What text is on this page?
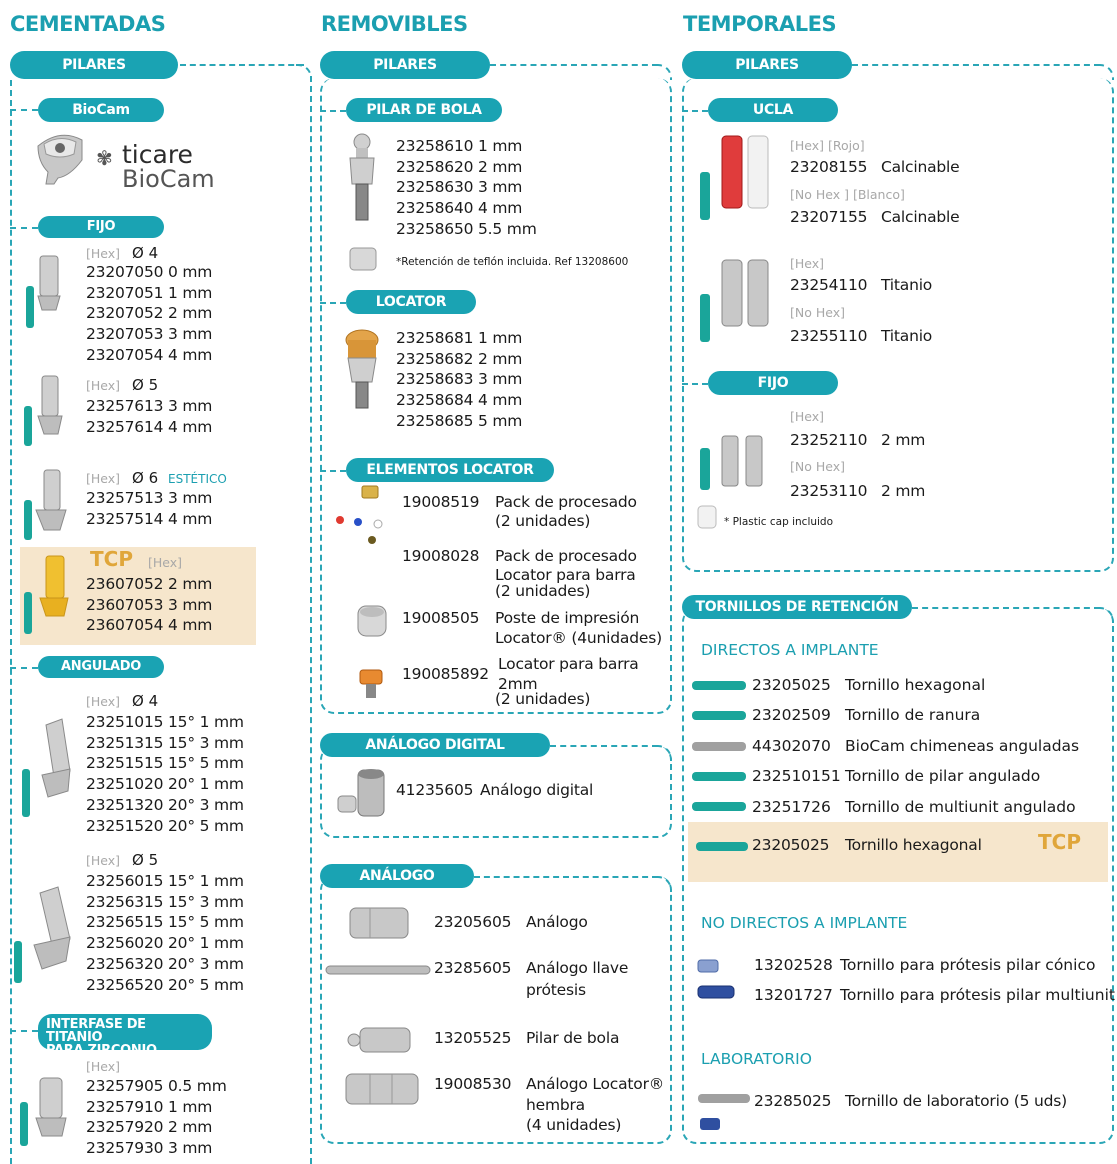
CEMENTADAS	REMOVIBLES	TEMPORALES
PILARES
BioCam
✾ ticare
BioCam
FIJO
[Hex] Ø 4
23207050 0 mm
23207051 1 mm
23207052 2 mm
23207053 3 mm
23207054 4 mm
[Hex] Ø 5
23257613 3 mm
23257614 4 mm
[Hex] Ø 6 ESTÉTICO
23257513 3 mm
23257514 4 mm
TCP [Hex]
23607052 2 mm
23607053 3 mm
23607054 4 mm
ANGULADO
[Hex] Ø 4
23251015 15° 1 mm
23251315 15° 3 mm
23251515 15° 5 mm
23251020 20° 1 mm
23251320 20° 3 mm
23251520 20° 5 mm
[Hex] Ø 5
23256015 15° 1 mm
23256315 15° 3 mm
23256515 15° 5 mm
23256020 20° 1 mm
23256320 20° 3 mm
23256520 20° 5 mm
INTERFASE DE TITANIO
PARA ZIRCONIO
[Hex]
23257905 0.5 mm
23257910 1 mm
23257920 2 mm
23257930 3 mm
PILARES
PILAR DE BOLA
23258610 1 mm
23258620 2 mm
23258630 3 mm
23258640 4 mm
23258650 5.5 mm
*Retención de teflón incluida. Ref 13208600
LOCATOR
23258681 1 mm
23258682 2 mm
23258683 3 mm
23258684 4 mm
23258685 5 mm
ELEMENTOS LOCATOR
19008519 Pack de procesado
(2 unidades)
19008028 Pack de procesado
Locator para barra
(2 unidades)
19008505 Poste de impresión
Locator® (4unidades)
190085892
Locator para barra
2mm
(2 unidades)
ANÁLOGO DIGITAL
41235605 Análogo digital
ANÁLOGO
23205605 Análogo
23285605 Análogo llave
prótesis
13205525 Pilar de bola
19008530 Análogo Locator®
hembra
(4 unidades)
PILARES
UCLA
[Hex] [Rojo]
23208155 Calcinable
[No Hex ] [Blanco]
23207155 Calcinable
[Hex]
23254110 Titanio
[No Hex]
23255110 Titanio
FIJO
[Hex]
23252110 2 mm
[No Hex]
23253110 2 mm
* Plastic cap incluido
TORNILLOS DE RETENCIÓN
DIRECTOS A IMPLANTE
23205025 Tornillo hexagonal
23202509 Tornillo de ranura
44302070 BioCam chimeneas anguladas
232510151 Tornillo de pilar angulado
23251726 Tornillo de multiunit angulado
23205025 Tornillo hexagonal	TCP
NO DIRECTOS A IMPLANTE
13202528 Tornillo para prótesis pilar cónico
13201727 Tornillo para prótesis pilar multiunit
LABORATORIO
23285025 Tornillo de laboratorio (5 uds)
